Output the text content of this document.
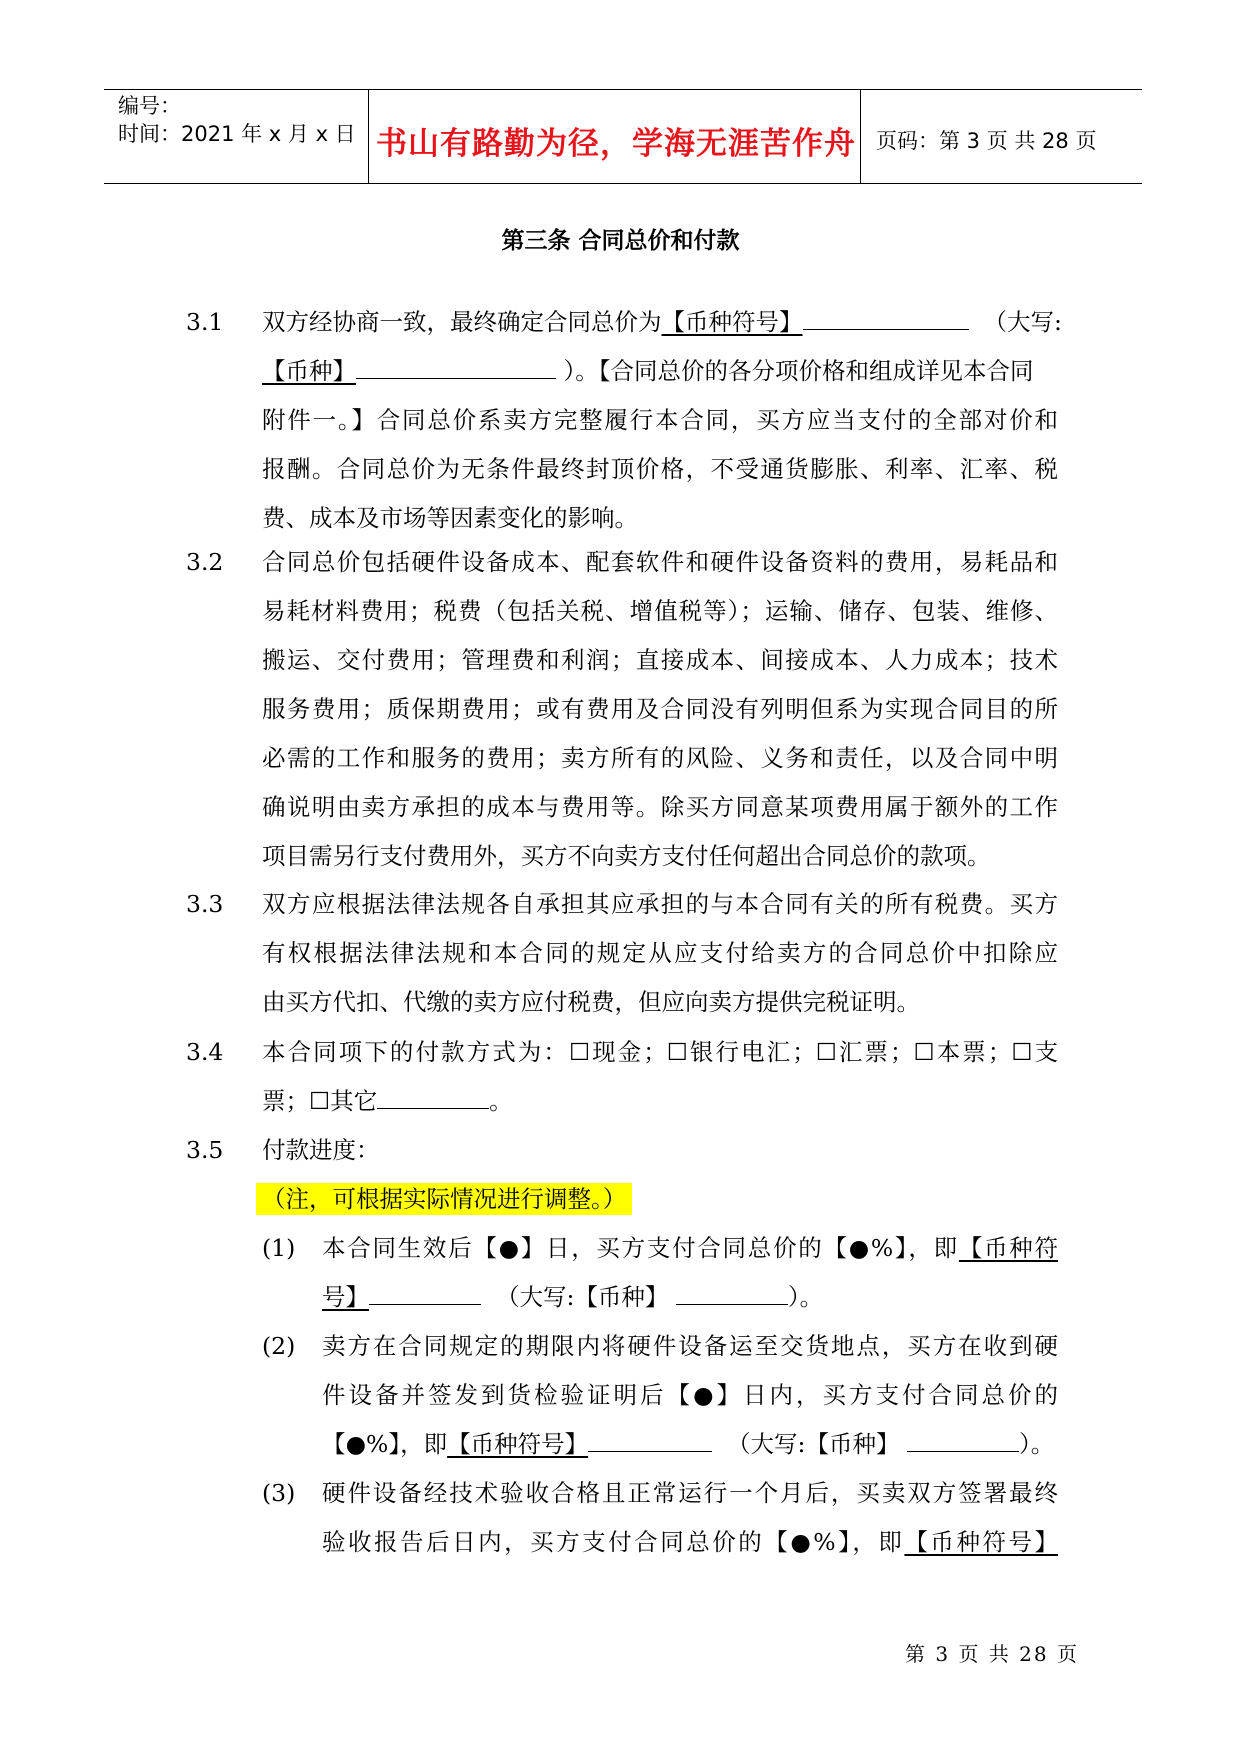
编号：
时间：2021 年 x 月 x 日 书山有路勤为径，学海无涯苦作舟 页码：第 3 页 共 28 页
第三条 合同总价和付款
3.1 双方经协商一致，最终确定合同总价为【币种符号】	（大写:
【币种】	）。【合同总价的各分项价格和组成详见本合同
附件一。】合同总价系卖方完整履行本合同，买方应当支付的全部对价和
报酬。合同总价为无条件最终封顶价格，不受通货膨胀、利率、汇率、税
费、成本及市场等因素变化的影响。
3.2 合同总价包括硬件设备成本、配套软件和硬件设备资料的费用，易耗品和
易耗材料费用；税费（包括关税、增值税等）；运输、储存、包装、维修、
搬运、交付费用；管理费和利润；直接成本、间接成本、人力成本；技术
服务费用；质保期费用；或有费用及合同没有列明但系为实现合同目的所
必需的工作和服务的费用；卖方所有的风险、义务和责任，以及合同中明
确说明由卖方承担的成本与费用等。除买方同意某项费用属于额外的工作
项目需另行支付费用外，买方不向卖方支付任何超出合同总价的款项。
3.3 双方应根据法律法规各自承担其应承担的与本合同有关的所有税费。买方
有权根据法律法规和本合同的规定从应支付给卖方的合同总价中扣除应
由买方代扣、代缴的卖方应付税费，但应向卖方提供完税证明。
3.4 本合同项下的付款方式为：☐现金；☐银行电汇；☐汇票；☐本票；☐支
票；☐其它	。
3.5 付款进度：
（注，可根据实际情况进行调整。）
(1) 本合同生效后【●】日，买方支付合同总价的【●%】，即【币种符
号】	（大写:【币种】	）。
(2) 卖方在合同规定的期限内将硬件设备运至交货地点，买方在收到硬
件设备并签发到货检验证明后【●】日内，买方支付合同总价的
【●%】，即【币种符号】	（大写:【币种】	）。
(3) 硬件设备经技术验收合格且正常运行一个月后，买卖双方签署最终
验收报告后日内，买方支付合同总价的【●%】，即【币种符号】
第 3 页 共 28 页
